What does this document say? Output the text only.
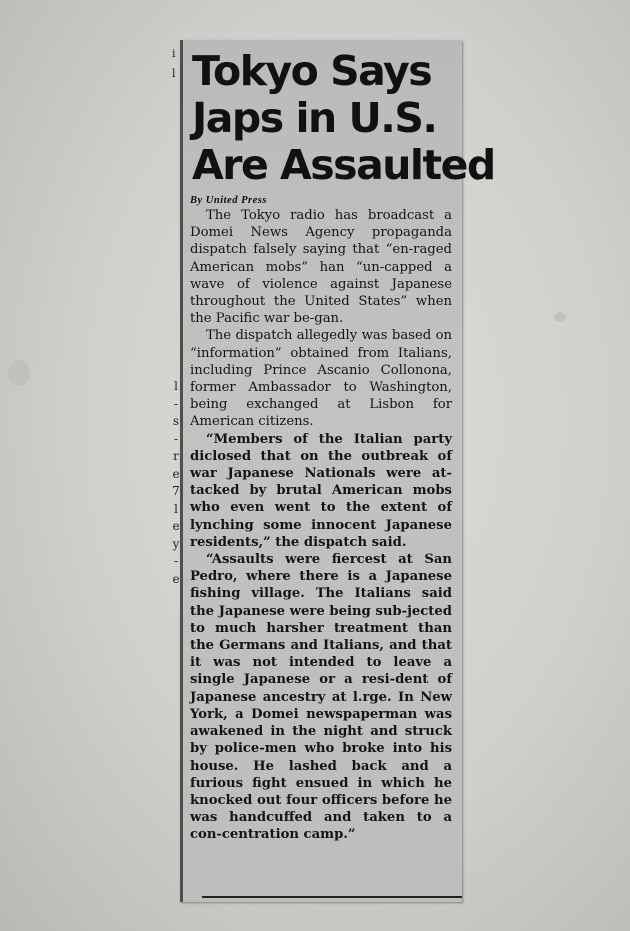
i
l
l
-
s
-
r
e
7
l
e
y
-
e
Tokyo Says
Japs in U.S.
Are Assaulted
By United Press

The Tokyo radio has broadcast a Domei News Agency propaganda dispatch falsely saying that “en-raged American mobs” han “un-capped a wave of violence against Japanese throughout the United States” when the Pacific war be-gan.

The dispatch allegedly was based on “information” obtained from Italians, including Prince Ascanio Collonona, former Ambassador to Washington, being exchanged at Lisbon for American citizens.

“Members of the Italian party diclosed that on the outbreak of war Japanese Nationals were at-tacked by brutal American mobs who even went to the extent of lynching some innocent Japanese residents,” the dispatch said.

“Assaults were fiercest at San Pedro, where there is a Japanese fishing village. The Italians said the Japanese were being sub-jected to much harsher treatment than the Germans and Italians, and that it was not intended to leave a single Japanese or a resi-dent of Japanese ancestry at l.rge. In New York, a Domei newspaperman was awakened in the night and struck by police-men who broke into his house. He lashed back and a furious fight ensued in which he knocked out four officers before he was handcuffed and taken to a con-centration camp.”
